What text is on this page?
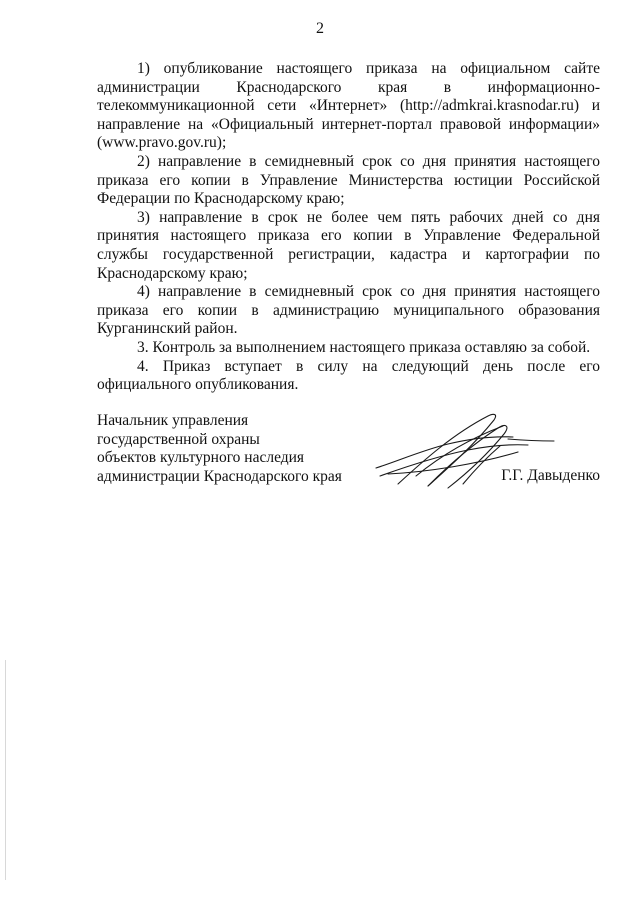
2

1) опубликование настоящего приказа на официальном сайте администрации Краснодарского края в информационно-телекоммуникационной сети «Интернет» (http://admkrai.krasnodar.ru) и направление на «Официальный интернет-портал правовой информации» (www.pravo.gov.ru);

2) направление в семидневный срок со дня принятия настоящего приказа его копии в Управление Министерства юстиции Российской Федерации по Краснодарскому краю;

3) направление в срок не более чем пять рабочих дней со дня принятия настоящего приказа его копии в Управление Федеральной службы государственной регистрации, кадастра и картографии по Краснодарскому краю;

4) направление в семидневный срок со дня принятия настоящего приказа его копии в администрацию муниципального образования Курганинский район.

3. Контроль за выполнением настоящего приказа оставляю за собой.

4. Приказ вступает в силу на следующий день после его официального опубликования.

Начальник управления
государственной охраны
объектов культурного наследия
администрации Краснодарского края	Г.Г. Давыденко
